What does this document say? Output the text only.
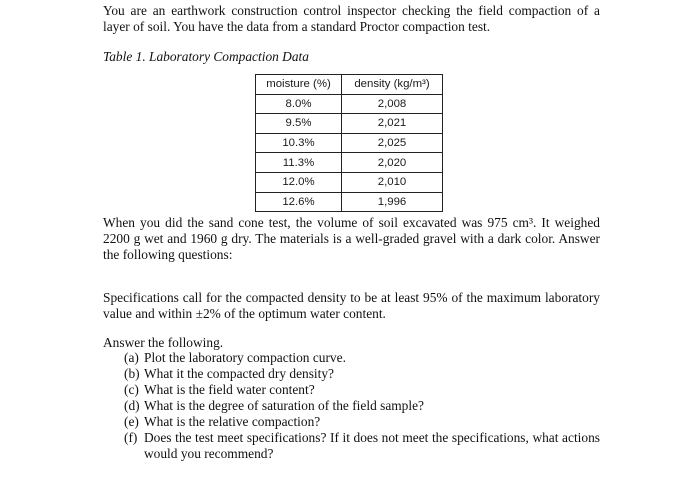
You are an earthwork construction control inspector checking the field compaction of a layer of soil. You have the data from a standard Proctor compaction test.

Table 1. Laboratory Compaction Data

moisture (%)	density (kg/m³)
8.0%	2,008
9.5%	2,021
10.3%	2,025
11.3%	2,020
12.0%	2,010
12.6%	1,996

When you did the sand cone test, the volume of soil excavated was 975 cm³. It weighed 2200 g wet and 1960 g dry. The materials is a well-graded gravel with a dark color. Answer the following questions:

Specifications call for the compacted density to be at least 95% of the maximum laboratory value and within ±2% of the optimum water content.

Answer the following.

(a) Plot the laboratory compaction curve.
(b) What it the compacted dry density?
(c) What is the field water content?
(d) What is the degree of saturation of the field sample?
(e) What is the relative compaction?
(f) Does the test meet specifications? If it does not meet the specifications, what actions would you recommend?
